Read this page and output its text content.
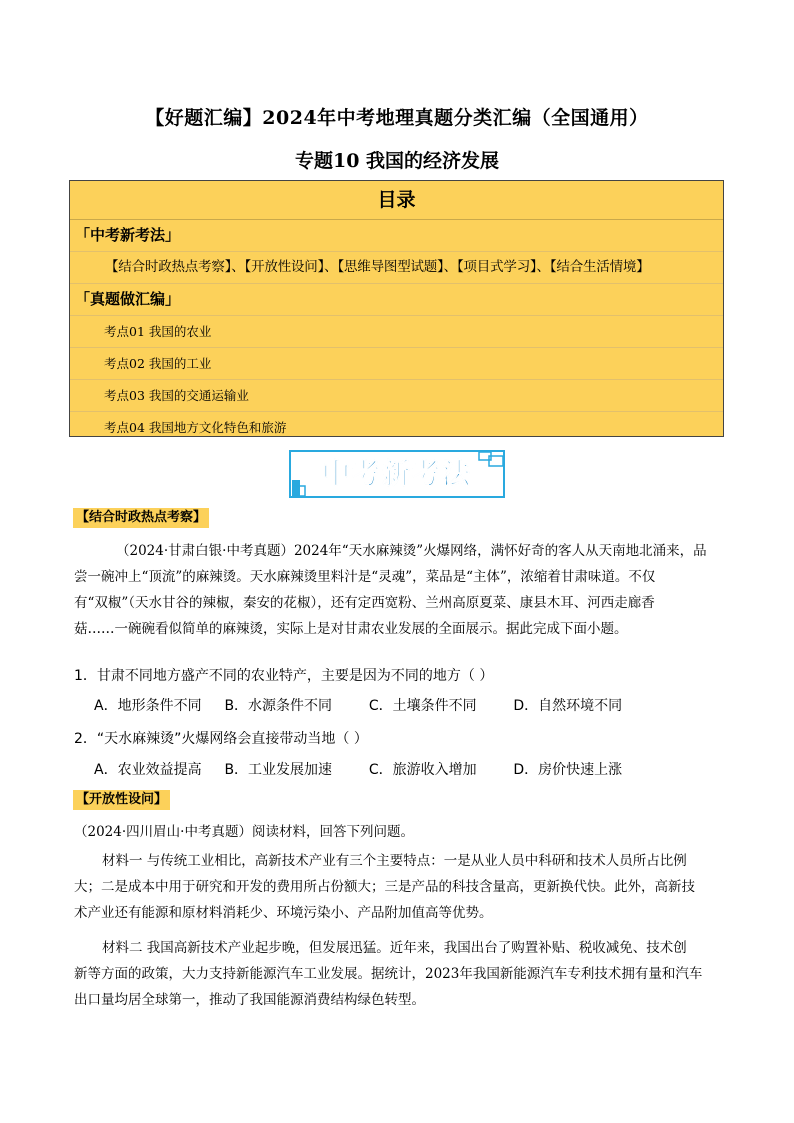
【好题汇编】2024年中考地理真题分类汇编（全国通用）
专题10 我国的经济发展
目录
「中考新考法」
【结合时政热点考察】、【开放性设问】、【思维导图型试题】、【项目式学习】、【结合生活情境】
「真题做汇编」
考点01 我国的农业
考点02 我国的工业
考点03 我国的交通运输业
考点04 我国地方文化特色和旅游
中考新考法
【结合时政热点考察】
（2024·甘肃白银·中考真题）2024年“天水麻辣烫”火爆网络，满怀好奇的客人从天南地北涌来，品
尝一碗冲上“顶流”的麻辣烫。天水麻辣烫里料汁是“灵魂”，菜品是“主体”，浓缩着甘肃味道。不仅
有“双椒”（天水甘谷的辣椒，秦安的花椒），还有定西宽粉、兰州高原夏菜、康县木耳、河西走廊香
菇……一碗碗看似简单的麻辣烫，实际上是对甘肃农业发展的全面展示。据此完成下面小题。
1．甘肃不同地方盛产不同的农业特产，主要是因为不同的地方（ ）
A．地形条件不同 B．水源条件不同	C．土壤条件不同	D．自然环境不同
2．“天水麻辣烫”火爆网络会直接带动当地（ ）
A．农业效益提高 B．工业发展加速	C．旅游收入增加	D．房价快速上涨
【开放性设问】
（2024·四川眉山·中考真题）阅读材料，回答下列问题。
材料一 与传统工业相比，高新技术产业有三个主要特点：一是从业人员中科研和技术人员所占比例
大；二是成本中用于研究和开发的费用所占份额大；三是产品的科技含量高，更新换代快。此外，高新技
术产业还有能源和原材料消耗少、环境污染小、产品附加值高等优势。
材料二 我国高新技术产业起步晚，但发展迅猛。近年来，我国出台了购置补贴、税收减免、技术创
新等方面的政策，大力支持新能源汽车工业发展。据统计，2023年我国新能源汽车专利技术拥有量和汽车
出口量均居全球第一，推动了我国能源消费结构绿色转型。
